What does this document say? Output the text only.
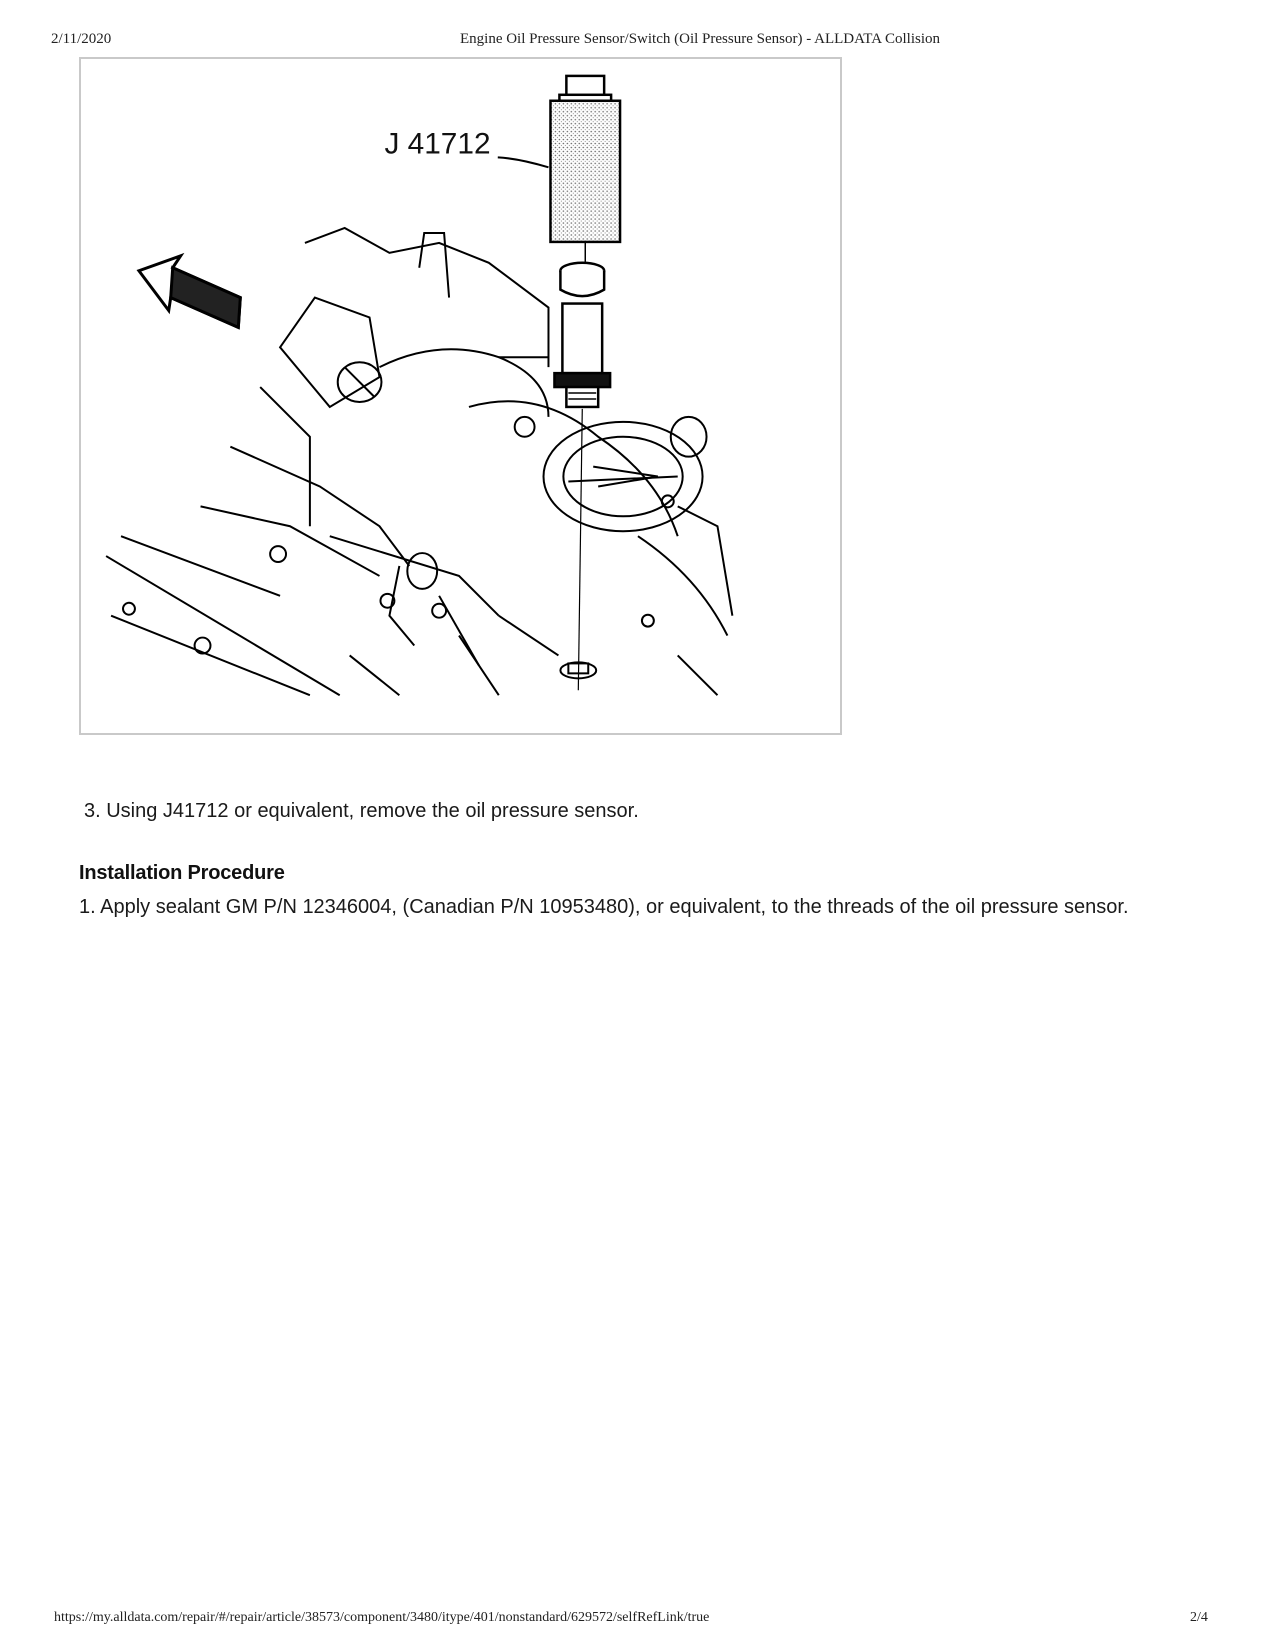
2/11/2020	Engine Oil Pressure Sensor/Switch (Oil Pressure Sensor) - ALLDATA Collision
J 41712
3. Using J41712 or equivalent, remove the oil pressure sensor.
Installation Procedure
1. Apply sealant GM P/N 12346004, (Canadian P/N 10953480), or equivalent, to the threads of the oil pressure sensor.
https://my.alldata.com/repair/#/repair/article/38573/component/3480/itype/401/nonstandard/629572/selfRefLink/true	2/4
